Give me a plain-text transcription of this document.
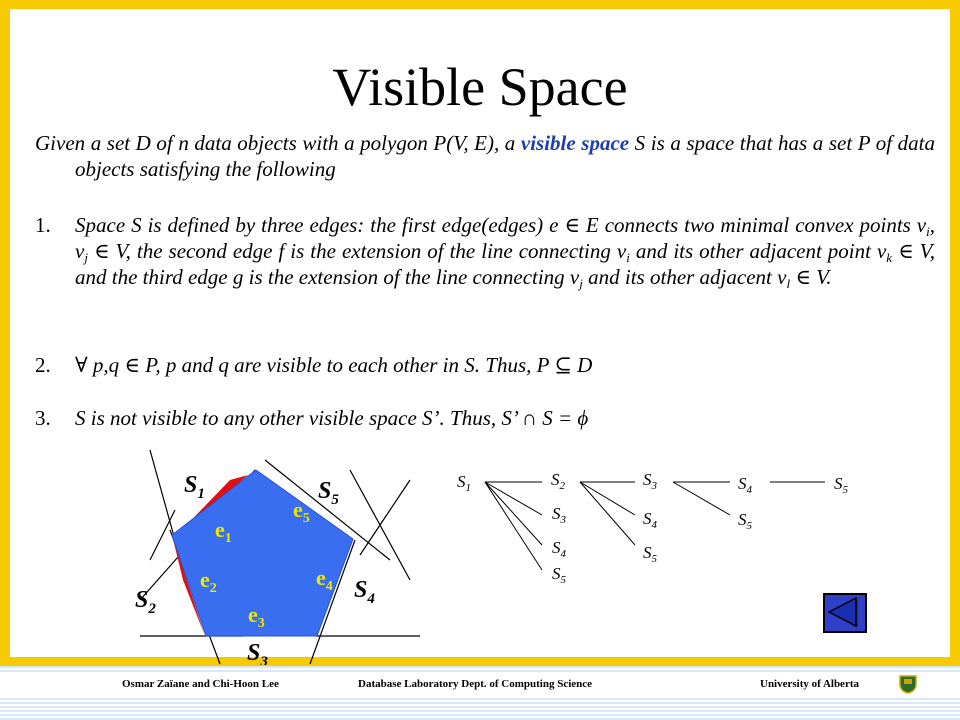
Visible Space
Given a set D of n data objects with a polygon P(V, E), a visible space S is a space that has a set P of data objects satisfying the following
1. Space S is defined by three edges: the first edge(edges) e ∈ E connects two minimal convex points $v_i$, $v_j$ ∈ V, the second edge f is the extension of the line connecting $v_i$ and its other adjacent point $v_k$ ∈ V, and the third edge g is the extension of the line connecting $v_j$ and its other adjacent $v_l$ ∈ V.
2. ∀ p,q ∈ P, p and q are visible to each other in S. Thus, P ⊆ D
3. S is not visible to any other visible space S’. Thus, S’ ∩ S = ϕ
$e_1$
$e_2$
$e_3$
$e_4$
$e_5$
$S_1$
$S_2$
$S_3$
$S_4$
$S_5$
$S_1$	$S_2$
$S_3$
$S_4$
$S_5$
$S_3$
$S_4$
$S_5$
$S_4$
$S_5$
$S_5$
Osmar Zaïane and Chi-Hoon Lee	Database Laboratory Dept. of Computing Science	University of Alberta
